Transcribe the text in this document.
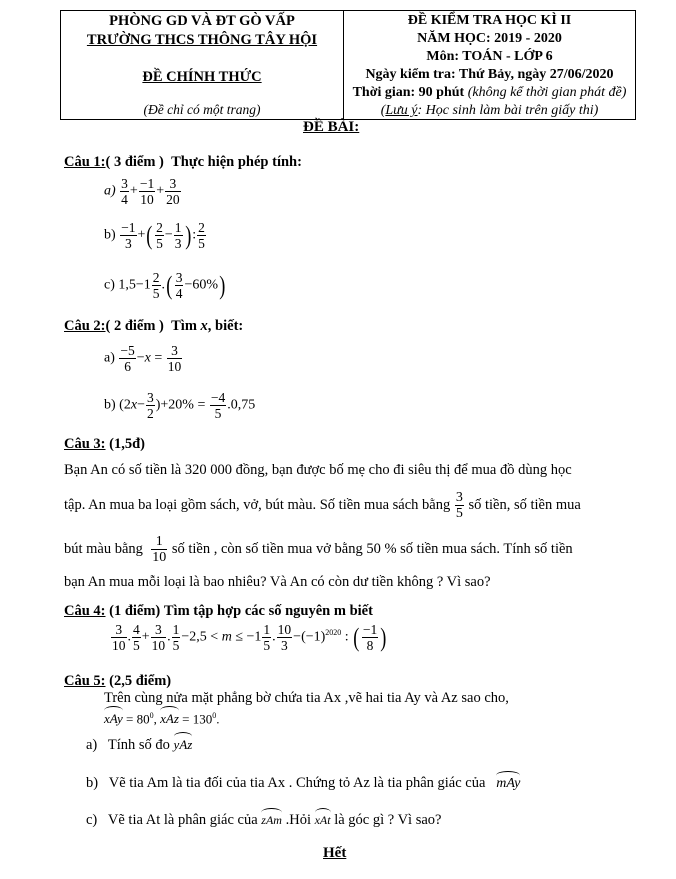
PHÒNG GD VÀ ĐT GÒ VẤP
TRƯỜNG THCS THÔNG TÂY HỘI
ĐỀ CHÍNH THỨC
(Đề chỉ có một trang)
ĐỀ KIỂM TRA HỌC KÌ II
NĂM HỌC: 2019 - 2020
Môn: TOÁN - LỚP 6
Ngày kiểm tra: Thứ Bảy, ngày 27/06/2020
Thời gian: 90 phút (không kể thời gian phát đề)
(Lưu ý: Học sinh làm bài trên giấy thi)
ĐỀ BÀI:
Câu 1:( 3 điểm ) Thực hiện phép tính:
$a) \frac{3}{4} + \frac{-1}{10} + \frac{3}{20}$
$b) \frac{-1}{3}$ +( $\frac{2}{5} - \frac{1}{3}$ ): $\frac{2}{5}$
c) $1,5-1 \frac{2}{5}$ .( $\frac{3}{4} -60\%$)
Câu 2:( 2 điểm ) Tìm x, biết:
$a) \frac{-5}{6} -x = \frac{3}{10}$
b) $(2x- \frac{3}{2} )+20\% = \frac{-4}{5} .0,75$
Câu 3: (1,5đ)
Bạn An có số tiền là 320 000 đồng, bạn được bố mẹ cho đi siêu thị để mua đồ dùng học
tập. An mua ba loại gồm sách, vở, bút màu. Số tiền mua sách bằng $\frac{3}{5}$ số tiền, số tiền mua
bút màu bằng $\frac{1}{10}$ số tiền , còn số tiền mua vở bằng 50 % số tiền mua sách. Tính số tiền
bạn An mua mỗi loại là bao nhiêu? Và An có còn dư tiền không ? Vì sao?
Câu 4: (1 điểm) Tìm tập hợp các số nguyên m biết
$\frac{3}{10}$ . $\frac{4}{5} + \frac{3}{10}$ . $\frac{1}{5} -2,5 < m \le -1 \frac{1}{5}$ . $\frac{10}{3} -(-1)^{2020}$ : ( $\frac{-1}{8}$ )
Câu 5: (2,5 điểm)
Trên cùng nửa mặt phẳng bờ chứa tia Ax ,vẽ hai tia Ay và Az sao cho,
xAy = $80^0$, xAz = $130^0$.
a) Tính số đo yAz
b) Vẽ tia Am là tia đối của tia Ax . Chứng tỏ Az là tia phân giác của mAy
c) Vẽ tia At là phân giác của zAm .Hỏi xAt là góc gì ? Vì sao?
Hết
